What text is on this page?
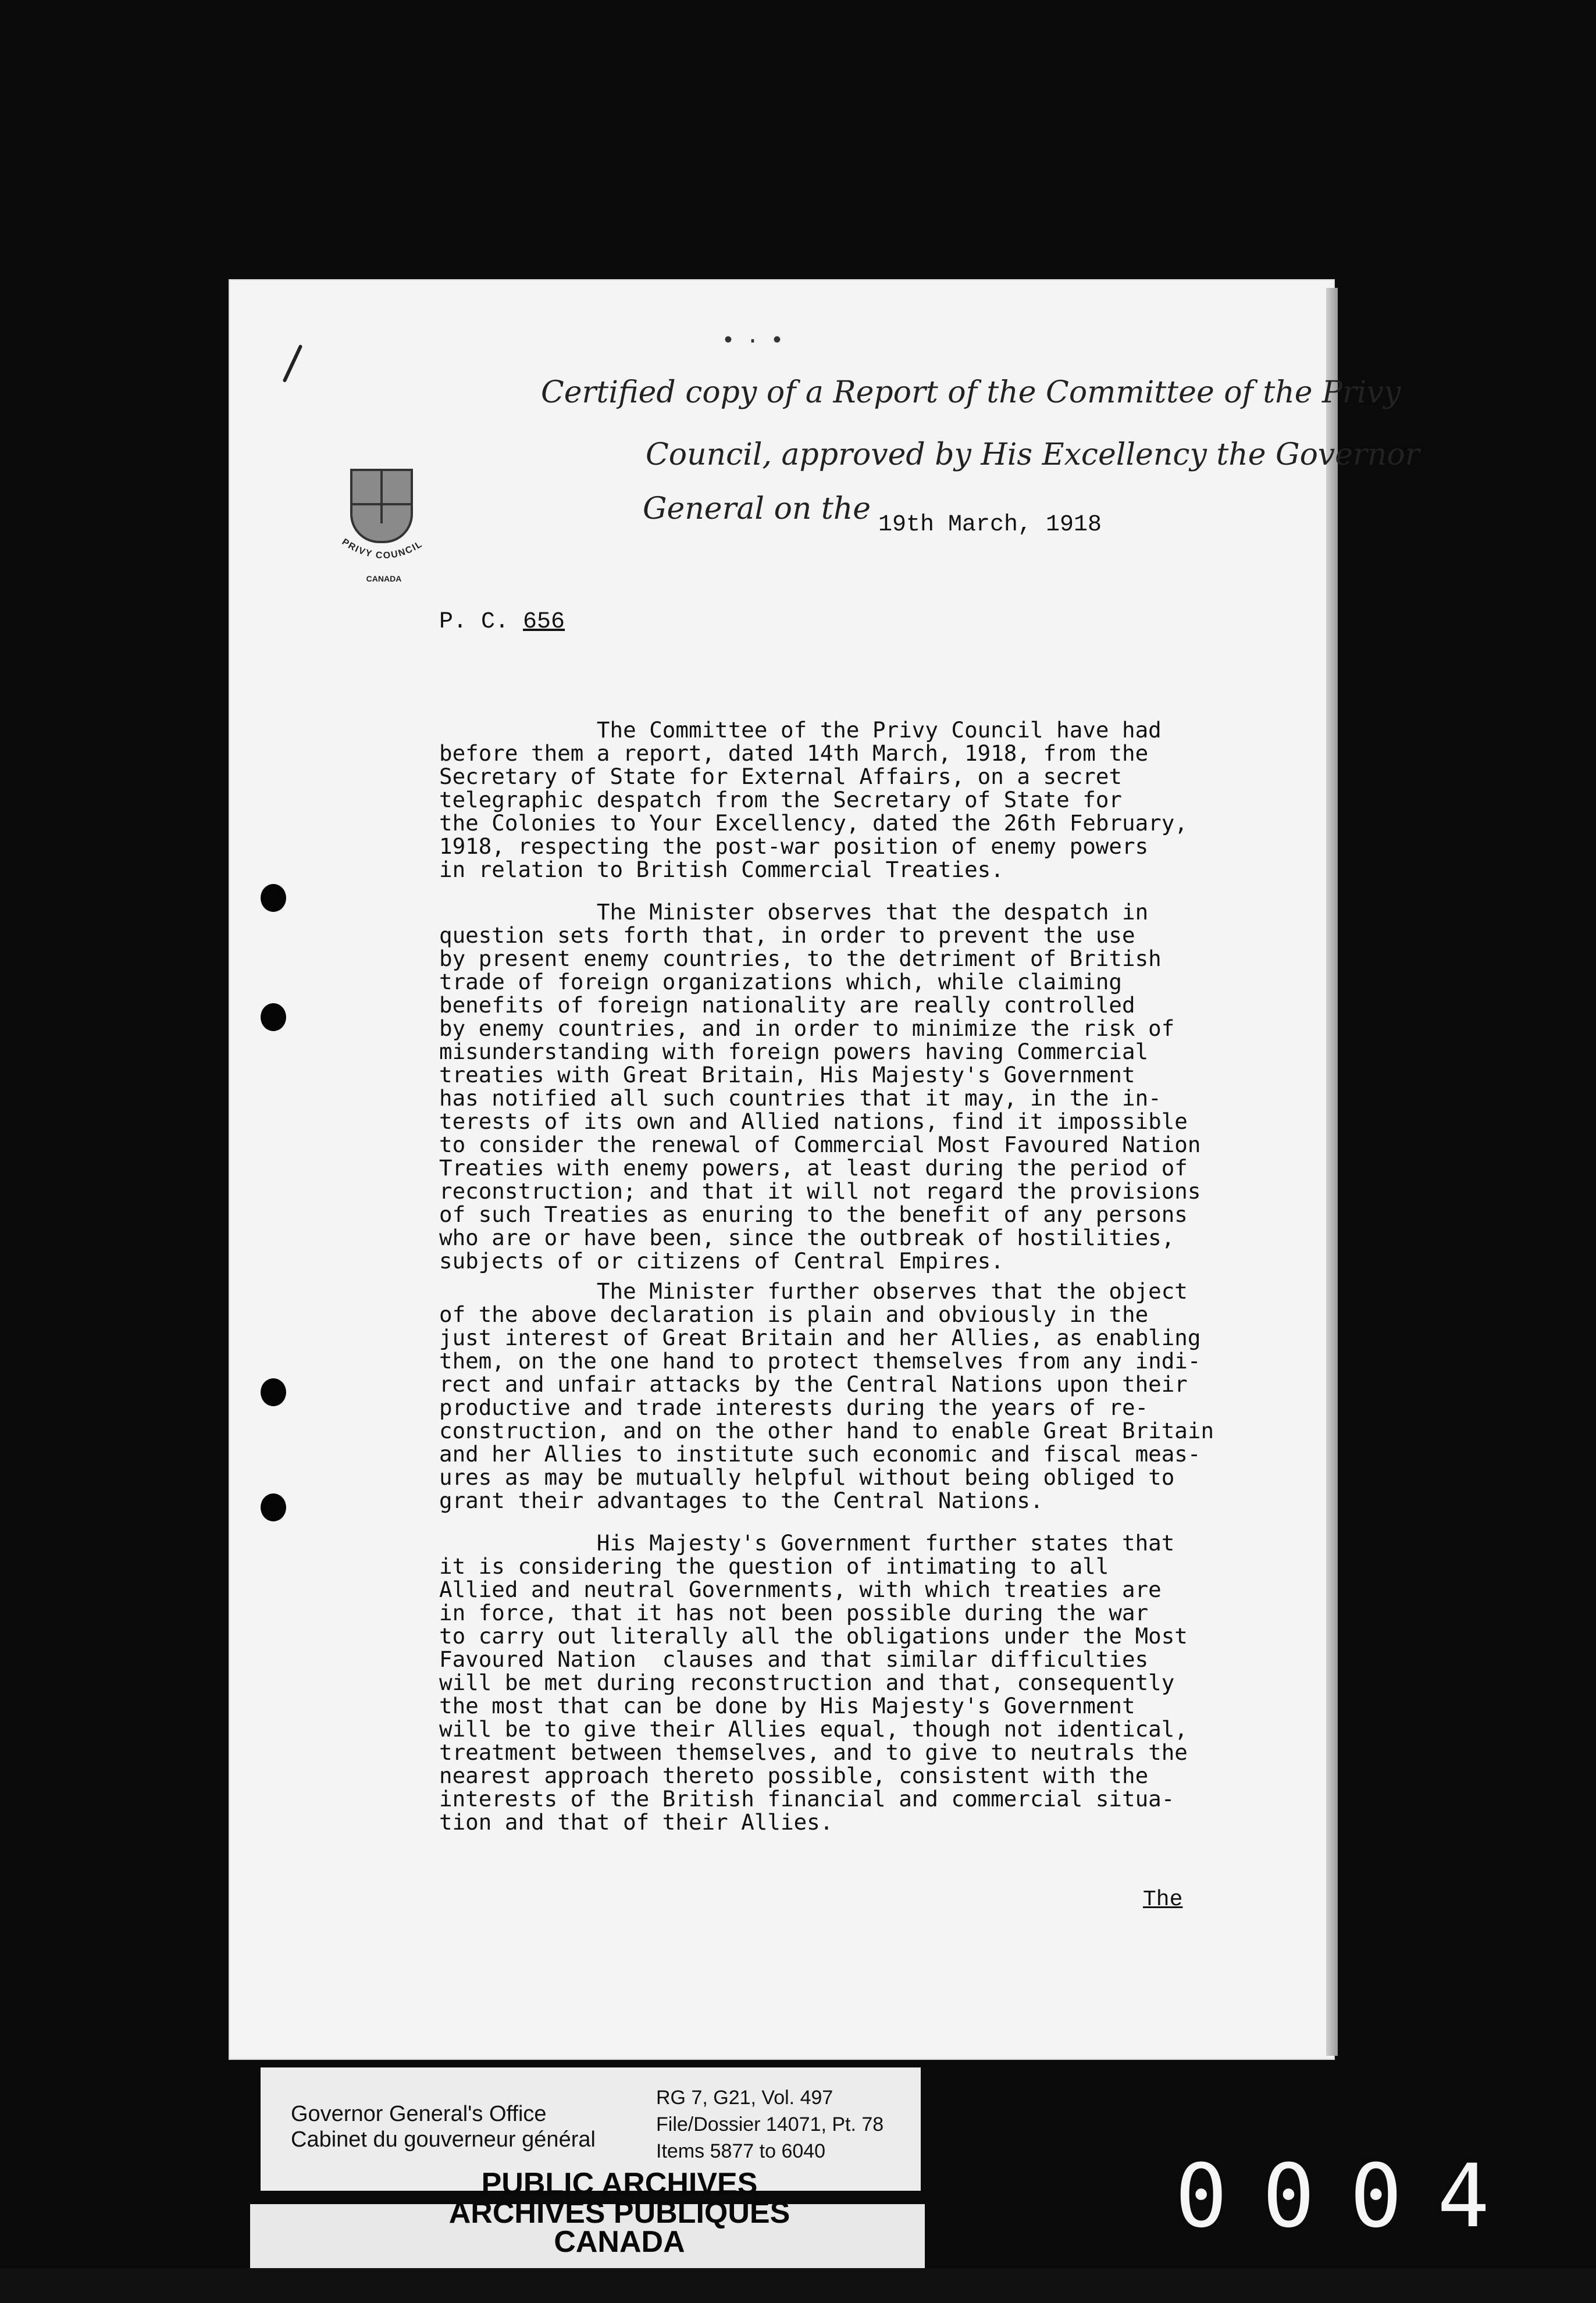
•·•
Certified copy of a Report of the Committee of the Privy
Council, approved by His Excellency the Governor
General on the 19th March, 1918
PRIVY COUNCIL
CANADA
P. C. 656
The Committee of the Privy Council have had
before them a report, dated 14th March, 1918, from the
Secretary of State for External Affairs, on a secret
telegraphic despatch from the Secretary of State for
the Colonies to Your Excellency, dated the 26th February,
1918, respecting the post-war position of enemy powers
in relation to British Commercial Treaties.
The Minister observes that the despatch in
question sets forth that, in order to prevent the use
by present enemy countries, to the detriment of British
trade of foreign organizations which, while claiming
benefits of foreign nationality are really controlled
by enemy countries, and in order to minimize the risk of
misunderstanding with foreign powers having Commercial
treaties with Great Britain, His Majesty's Government
has notified all such countries that it may, in the in-
terests of its own and Allied nations, find it impossible
to consider the renewal of Commercial Most Favoured Nation
Treaties with enemy powers, at least during the period of
reconstruction; and that it will not regard the provisions
of such Treaties as enuring to the benefit of any persons
who are or have been, since the outbreak of hostilities,
subjects of or citizens of Central Empires.
The Minister further observes that the object
of the above declaration is plain and obviously in the
just interest of Great Britain and her Allies, as enabling
them, on the one hand to protect themselves from any indi-
rect and unfair attacks by the Central Nations upon their
productive and trade interests during the years of re-
construction, and on the other hand to enable Great Britain
and her Allies to institute such economic and fiscal meas-
ures as may be mutually helpful without being obliged to
grant their advantages to the Central Nations.
His Majesty's Government further states that
it is considering the question of intimating to all
Allied and neutral Governments, with which treaties are
in force, that it has not been possible during the war
to carry out literally all the obligations under the Most
Favoured Nation  clauses and that similar difficulties
will be met during reconstruction and that, consequently
the most that can be done by His Majesty's Government
will be to give their Allies equal, though not identical,
treatment between themselves, and to give to neutrals the
nearest approach thereto possible, consistent with the
interests of the British financial and commercial situa-
tion and that of their Allies.
The
Governor General's Office
Cabinet du gouverneur général
RG 7, G21, Vol. 497
File/Dossier 14071, Pt. 78
Items 5877 to 6040
PUBLIC ARCHIVES
ARCHIVES PUBLIQUES
CANADA	0004
